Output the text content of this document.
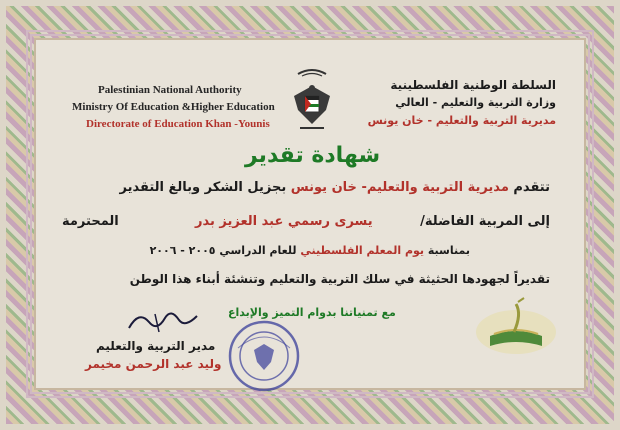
Palestinian National Authority
Ministry Of Education &Higher Education
Directorate of Education Khan -Younis
السلطة الوطنية الفلسطينية
وزارة التربية والتعليم - العالي
مديرية التربية والتعليم - خان يونس
شهادة تقدير
تتقدم مديرية التربية والتعليم- خان يونس بجزيل الشكر وبالغ التقدير
إلى المربية الفاضلة/
يسرى رسمي عبد العزيز بدر
المحترمة
بمناسبة يوم المعلم الفلسطيني للعام الدراسي ٢٠٠٥ - ٢٠٠٦
تقديراً لجهودها الحثيثة في سلك التربية والتعليم وتنشئة أبناء هذا الوطن
مع تمنياتنا بدوام التميز والإبداع
مدير التربية والتعليم
وليد عبد الرحمن مخيمر
